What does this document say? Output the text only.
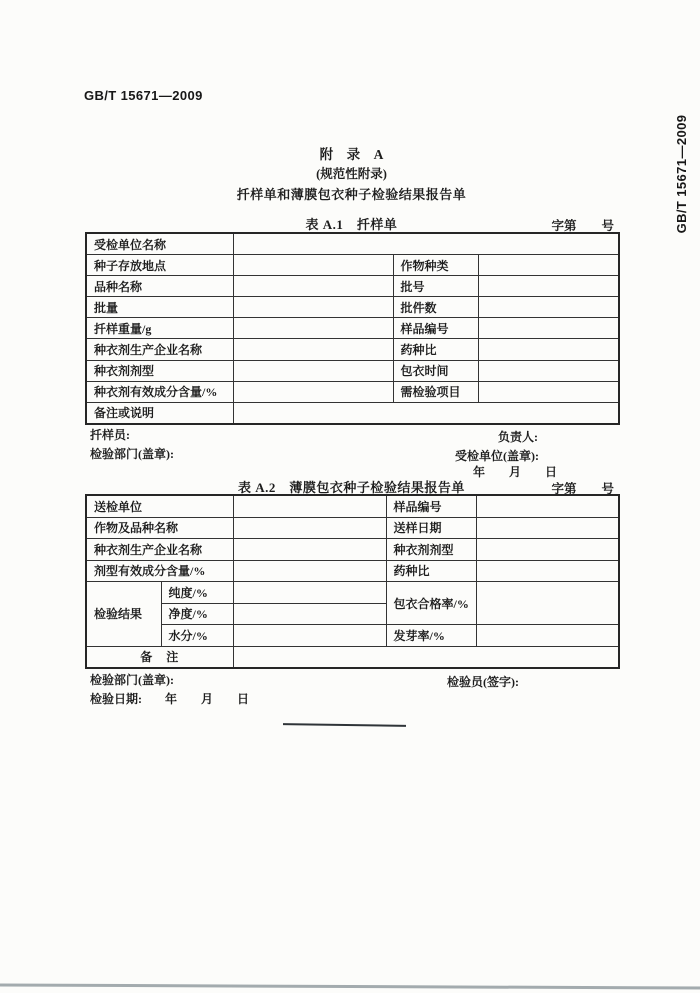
GB/T 15671—2009
GB/T 15671—2009
附　录　A
(规范性附录)
扦样单和薄膜包衣种子检验结果报告单
表 A.1　扦样单	字第　　号
受检单位名称			
种子存放地点		作物种类	
品种名称		批号	
批量		批件数	
扦样重量/g		样品编号	
种衣剂生产企业名称		药种比	
种衣剂剂型		包衣时间	
种衣剂有效成分含量/%		需检验项目	
备注或说明			
扦样员:	负责人:
检验部门(盖章):	受检单位(盖章):
年　　月　　日
表 A.2　薄膜包衣种子检验结果报告单	字第　　号
送检单位			样品编号	
作物及品种名称			送样日期	
种衣剂生产企业名称			种衣剂剂型	
剂型有效成分含量/%			药种比	
检验结果	纯度/%		包衣合格率/%	
	净度/%			
	水分/%		发芽率/%	
备　注				
检验部门(盖章):	检验员(签字):
检验日期: 年　　月　　日
